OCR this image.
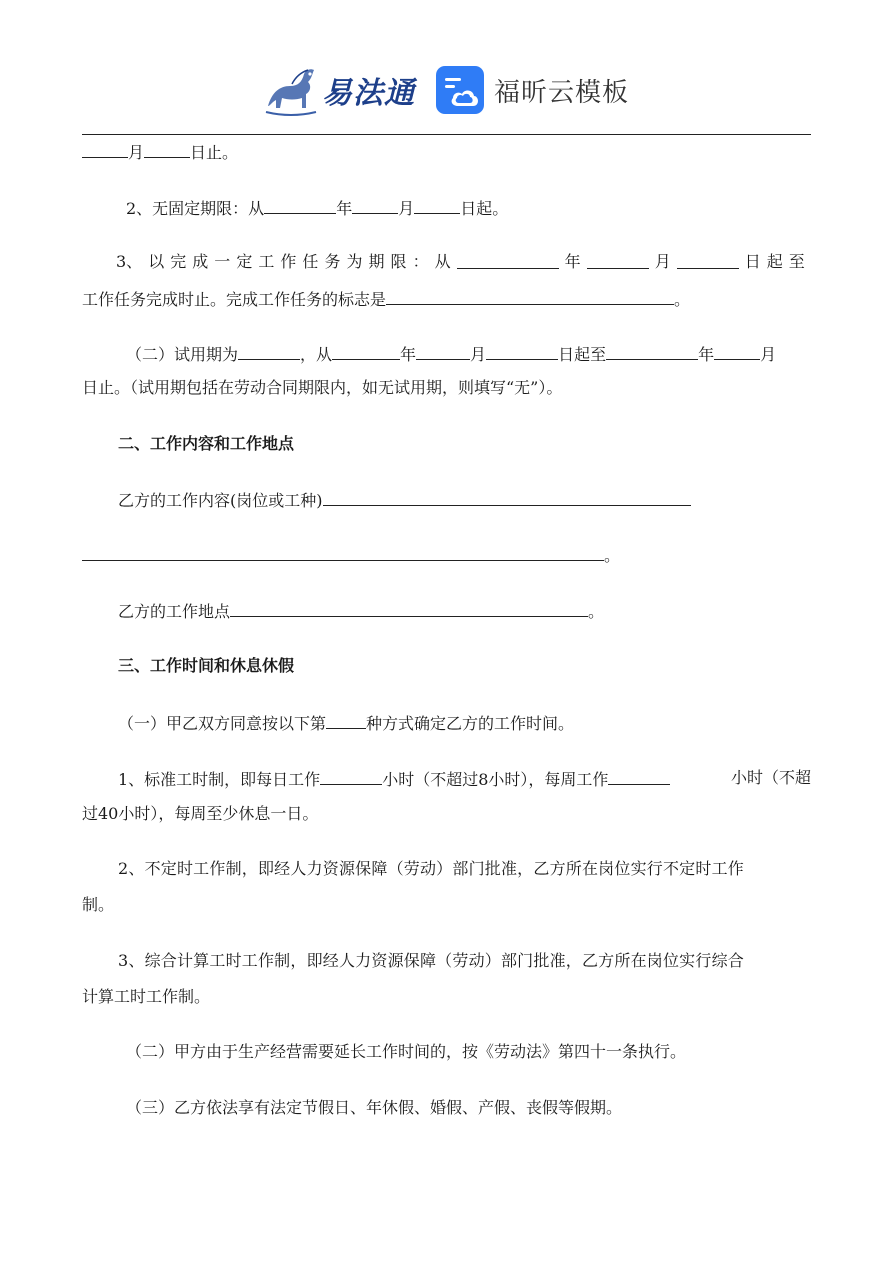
易法通	福昕云模板
月	日止。
2、无固定期限：从	年	月	日起。
3、 以 完 成 一 定 工 作 任 务 为 期 限 ： 从	年	月	日起至
工作任务完成时止。完成工作任务的标志是	。
（二）试用期为	，从	年	月	日起至	年	月
日止。（试用期包括在劳动合同期限内，如无试用期，则填写“无”）。
二、工作内容和工作地点
乙方的工作内容(岗位或工种)
。
乙方的工作地点	。
三、工作时间和休息休假
（一）甲乙双方同意按以下第	种方式确定乙方的工作时间。
1、标准工时制，即每日工作	小时（不超过8小时），每周工作	小时（不超
过40小时），每周至少休息一日。
2、不定时工作制，即经人力资源保障（劳动）部门批准，乙方所在岗位实行不定时工作
制。
3、综合计算工时工作制，即经人力资源保障（劳动）部门批准，乙方所在岗位实行综合
计算工时工作制。
（二）甲方由于生产经营需要延长工作时间的，按《劳动法》第四十一条执行。
（三）乙方依法享有法定节假日、年休假、婚假、产假、丧假等假期。
